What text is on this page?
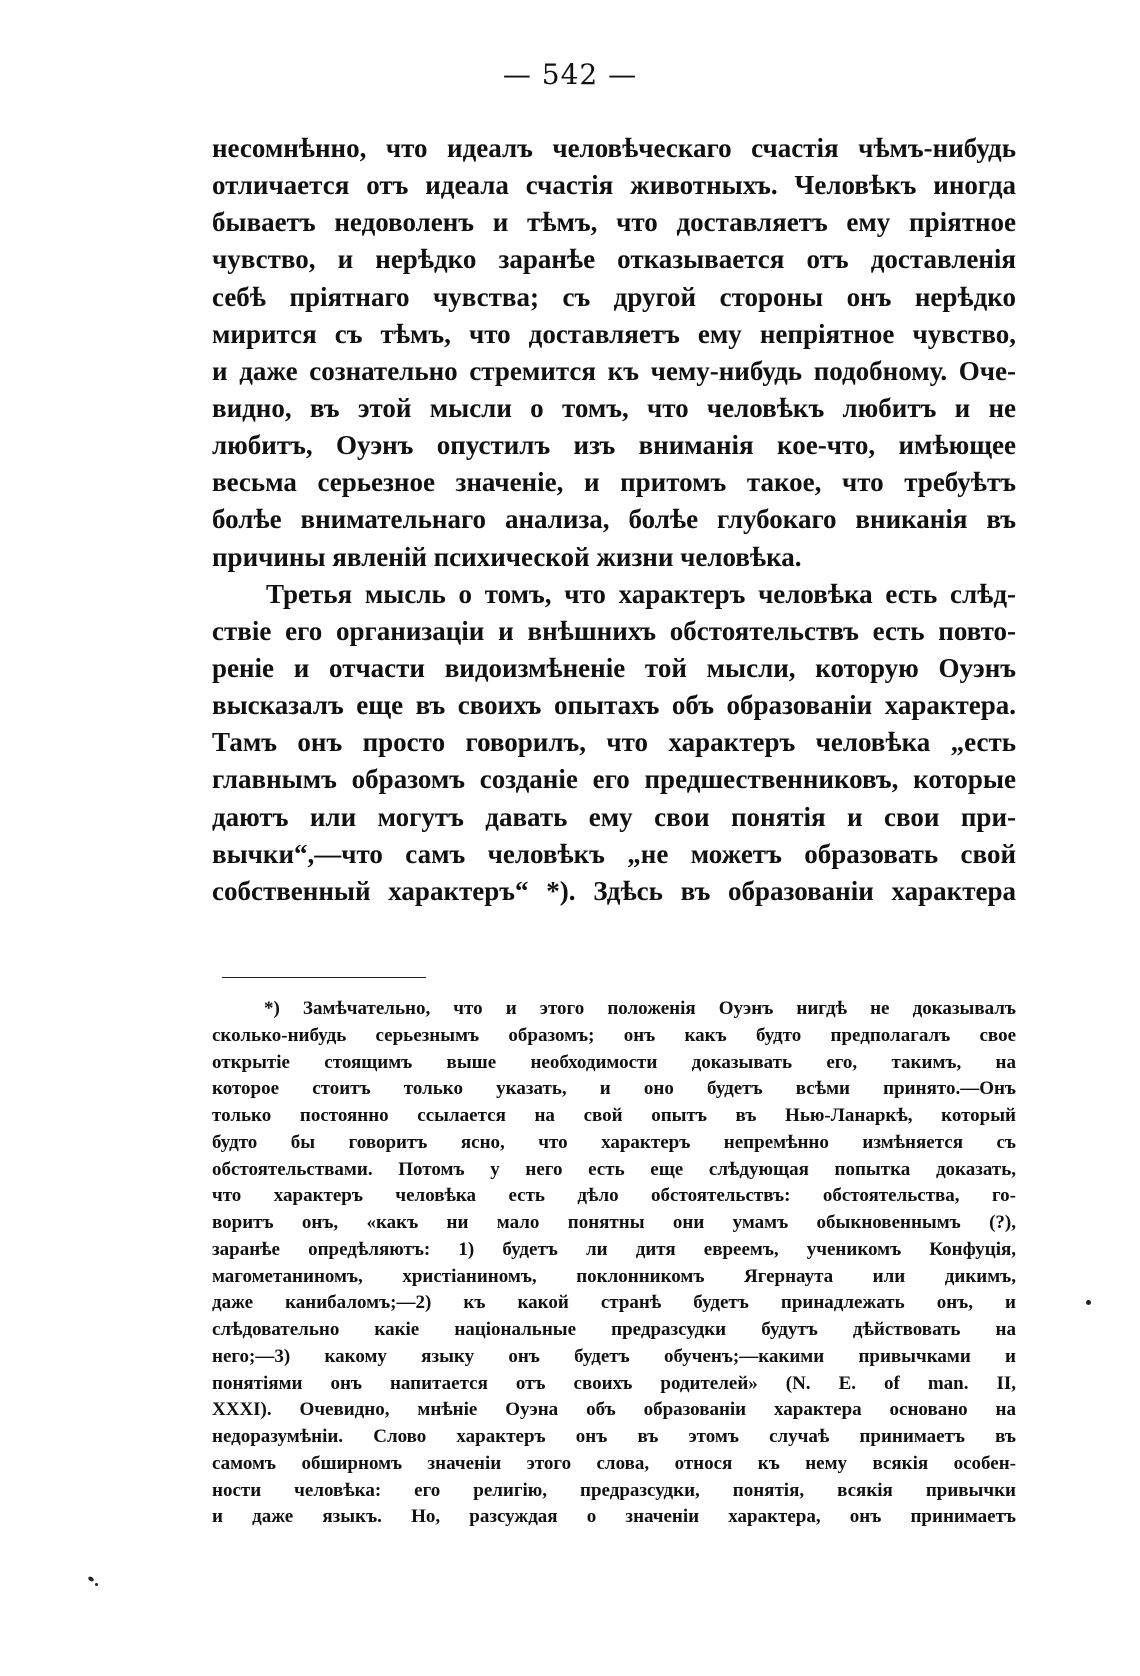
— 542 —
несомнѣнно, что идеалъ человѣческаго счастія чѣмъ-нибудь
отличается отъ идеала счастія животныхъ. Человѣкъ иногда
бываетъ недоволенъ и тѣмъ, что доставляетъ ему пріятное
чувство, и нерѣдко заранѣе отказывается отъ доставленія
себѣ пріятнаго чувства; съ другой стороны онъ нерѣдко
мирится съ тѣмъ, что доставляетъ ему непріятное чувство,
и даже сознательно стремится къ чему-нибудь подобному. Оче-
видно, въ этой мысли о томъ, что человѣкъ любитъ и не
любитъ, Оуэнъ опустилъ изъ вниманія кое-что, имѣющее
весьма серьезное значеніе, и притомъ такое, что требуѣтъ
болѣе внимательнаго анализа, болѣе глубокаго вниканія въ
причины явленій психической жизни человѣка.
Третья мысль о томъ, что характеръ человѣка есть слѣд-
ствіе его организаціи и внѣшнихъ обстоятельствъ есть повто-
реніе и отчасти видоизмѣненіе той мысли, которую Оуэнъ
высказалъ еще въ своихъ опытахъ объ образованіи характера.
Тамъ онъ просто говорилъ, что характеръ человѣка „есть
главнымъ образомъ созданіе его предшественниковъ, которые
даютъ или могутъ давать ему свои понятія и свои при-
вычки“,—что самъ человѣкъ „не можетъ образовать свой
собственный характеръ“ *). Здѣсь въ образованіи характера
*) Замѣчательно, что и этого положенія Оуэнъ нигдѣ не доказывалъ
сколько-нибудь серьезнымъ образомъ; онъ какъ будто предполагалъ свое
открытіе стоящимъ выше необходимости доказывать его, такимъ, на
которое стоитъ только указать, и оно будетъ всѣми принято.—Онъ
только постоянно ссылается на свой опытъ въ Нью-Ланаркѣ, который
будто бы говоритъ ясно, что характеръ непремѣнно измѣняется съ
обстоятельствами. Потомъ у него есть еще слѣдующая попытка доказать,
что характеръ человѣка есть дѣло обстоятельствъ: обстоятельства, го-
воритъ онъ, «какъ ни мало понятны они умамъ обыкновеннымъ (?),
заранѣе опредѣляютъ: 1) будетъ ли дитя евреемъ, ученикомъ Конфуція,
магометаниномъ, христіаниномъ, поклонникомъ Ягернаута или дикимъ,
даже канибаломъ;—2) къ какой странѣ будетъ принадлежать онъ, и
слѣдовательно какіе національные предразсудки будутъ дѣйствовать на
него;—3) какому языку онъ будетъ обученъ;—какими привычками и
понятіями онъ напитается отъ своихъ родителей» (N. E. of man. II,
XXXI). Очевидно, мнѣніе Оуэна объ образованіи характера основано на
недоразумѣніи. Слово характеръ онъ въ этомъ случаѣ принимаетъ въ
самомъ обширномъ значеніи этого слова, относя къ нему всякія особен-
ности человѣка: его религію, предразсудки, понятія, всякія привычки
и даже языкъ. Но, разсуждая о значеніи характера, онъ принимаетъ
